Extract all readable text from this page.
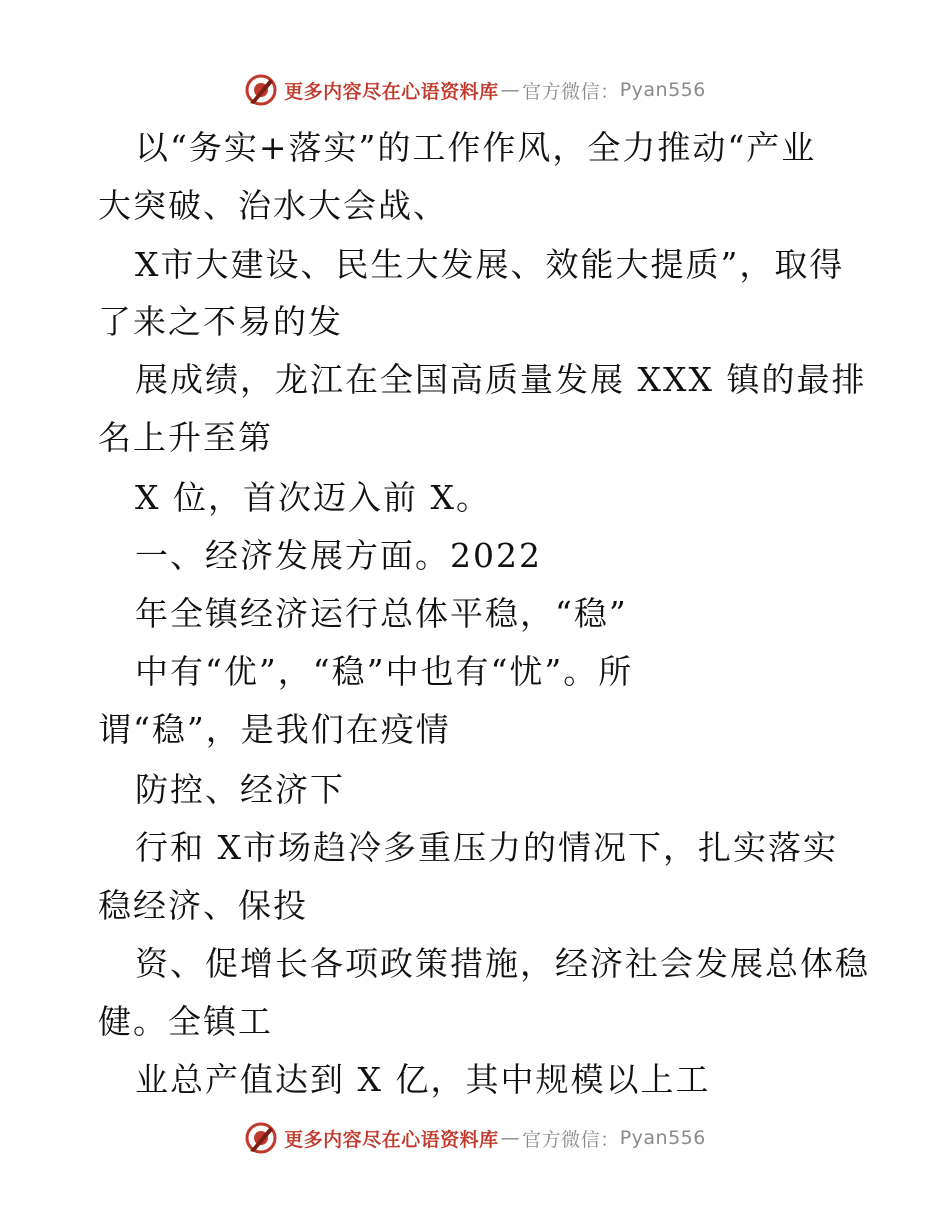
更多内容尽在心语资料库 — 官方微信： Pyan556
以“务实+落实”的工作作风，全力推动“产业
大突破、治水大会战、
X市大建设、民生大发展、效能大提质”，取得
了来之不易的发
展成绩，龙江在全国高质量发展 XXX 镇的最排
名上升至第
X 位，首次迈入前 X。
一、经济发展方面。2022
年全镇经济运行总体平稳，“稳”
中有“优”，“稳”中也有“忧”。所
谓“稳”，是我们在疫情
防控、经济下
行和 X市场趋冷多重压力的情况下，扎实落实
稳经济、保投
资、促增长各项政策措施，经济社会发展总体稳
健。全镇工
业总产值达到 X 亿，其中规模以上工
更多内容尽在心语资料库 — 官方微信： Pyan556
